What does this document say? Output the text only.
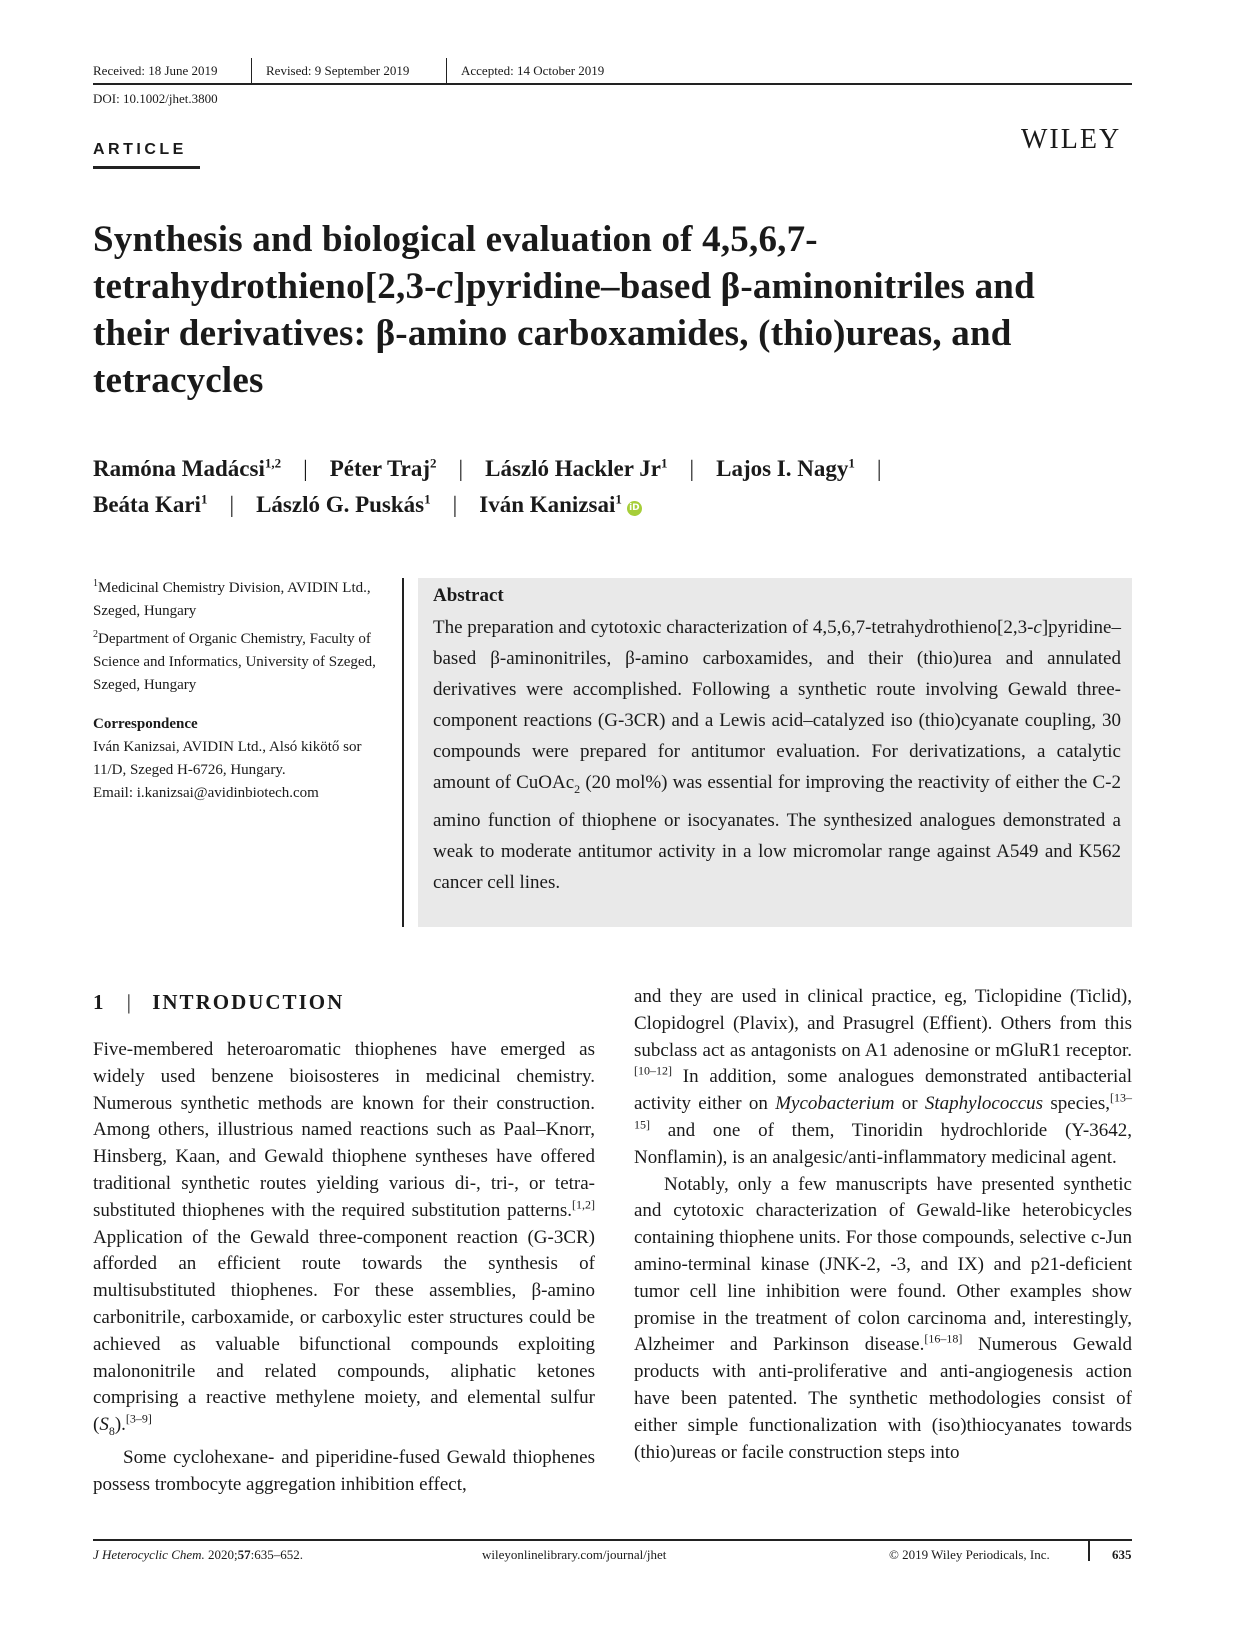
Received: 18 June 2019	Revised: 9 September 2019	Accepted: 14 October 2019
DOI: 10.1002/jhet.3800
ARTICLE	WILEY
Synthesis and biological evaluation of 4,5,6,7-
tetrahydrothieno[2,3-c]pyridine–based β-aminonitriles and
their derivatives: β-amino carboxamides, (thio)ureas, and
tetracycles
Ramóna Madácsi$^{1,2}$ | Péter Traj$^2$ | László Hackler Jr$^1$ | Lajos I. Nagy$^1$ |
Beáta Kari$^1$ | László G. Puskás$^1$ | Iván Kanizsai$^1$iD
$^1$Medicinal Chemistry Division, AVIDIN Ltd., Szeged, Hungary
$^2$Department of Organic Chemistry, Faculty of Science and Informatics, University of Szeged, Szeged, Hungary
Correspondence
Iván Kanizsai, AVIDIN Ltd., Alsó kikötő sor 11/D, Szeged H-6726, Hungary.
Email: i.kanizsai@avidinbiotech.com
Abstract
The preparation and cytotoxic characterization of 4,5,6,7-tetrahydrothieno[2,3-c]pyridine–based β-aminonitriles, β-amino carboxamides, and their (thio)urea and annulated derivatives were accomplished. Following a synthetic route involving Gewald three-component reactions (G-3CR) and a Lewis acid–catalyzed iso (thio)cyanate coupling, 30 compounds were prepared for antitumor evaluation. For derivatizations, a catalytic amount of CuOAc$_2$ (20 mol%) was essential for improving the reactivity of either the C-2 amino function of thiophene or isocyanates. The synthesized analogues demonstrated a weak to moderate antitumor activity in a low micromolar range against A549 and K562 cancer cell lines.
1 | INTRODUCTION

Five-membered heteroaromatic thiophenes have emerged as widely used benzene bioisosteres in medicinal chemistry. Numerous synthetic methods are known for their construction. Among others, illustrious named reactions such as Paal–Knorr, Hinsberg, Kaan, and Gewald thiophene syntheses have offered traditional synthetic routes yielding various di-, tri-, or tetra-substituted thiophenes with the required substitution patterns.[1,2] Application of the Gewald three-component reaction (G-3CR) afforded an efficient route towards the synthesis of multisubstituted thiophenes. For these assemblies, β-amino carbonitrile, carboxamide, or carboxylic ester structures could be achieved as valuable bifunctional compounds exploiting malononitrile and related compounds, aliphatic ketones comprising a reactive methylene moiety, and elemental sulfur $(S_8).[3-9]$

Some cyclohexane- and piperidine-fused Gewald thiophenes possess trombocyte aggregation inhibition effect,

and they are used in clinical practice, eg, Ticlopidine (Ticlid), Clopidogrel (Plavix), and Prasugrel (Effient). Others from this subclass act as antagonists on A1 adenosine or mGluR1 receptor.[10–12] In addition, some analogues demonstrated antibacterial activity either on Mycobacterium or Staphylococcus species,[13–15] and one of them, Tinoridin hydrochloride (Y-3642, Nonflamin), is an analgesic/anti-inflammatory medicinal agent.

Notably, only a few manuscripts have presented synthetic and cytotoxic characterization of Gewald-like heterobicycles containing thiophene units. For those compounds, selective c-Jun amino-terminal kinase (JNK-2, -3, and IX) and p21-deficient tumor cell line inhibition were found. Other examples show promise in the treatment of colon carcinoma and, interestingly, Alzheimer and Parkinson disease.[16–18] Numerous Gewald products with anti-proliferative and anti-angiogenesis action have been patented. The synthetic methodologies consist of either simple functionalization with (iso)thiocyanates towards (thio)ureas or facile construction steps into

J Heterocyclic Chem. 2020;57:635–652.	wileyonlinelibrary.com/journal/jhet	© 2019 Wiley Periodicals, Inc.	635
